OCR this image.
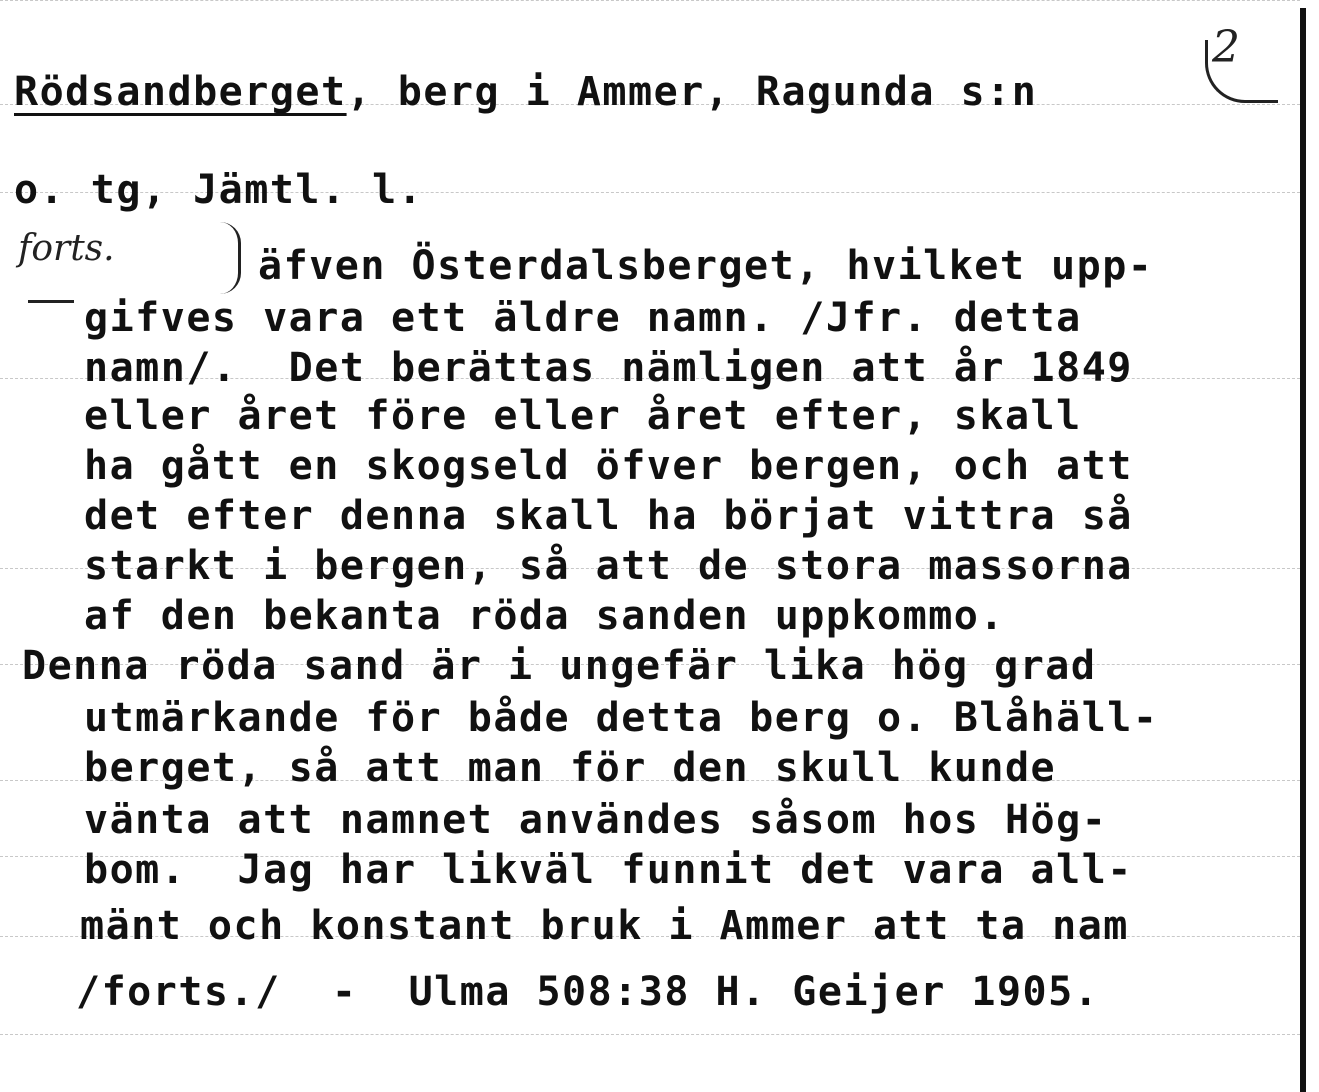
2
forts.
Rödsandberget, berg i Ammer, Ragunda s:n
o. tg, Jämtl. l.
äfven Österdalsberget, hvilket upp-
gifves vara ett äldre namn. /Jfr. detta
namn/.  Det berättas nämligen att år 1849
eller året före eller året efter, skall
ha gått en skogseld öfver bergen, och att
det efter denna skall ha börjat vittra så
starkt i bergen, så att de stora massorna
af den bekanta röda sanden uppkommo.
Denna röda sand är i ungefär lika hög grad
utmärkande för både detta berg o. Blåhäll-
berget, så att man för den skull kunde
vänta att namnet användes såsom hos Hög-
bom.  Jag har likväl funnit det vara all-
mänt och konstant bruk i Ammer att ta nam
/forts./  -  Ulma 508:38 H. Geijer 1905.
